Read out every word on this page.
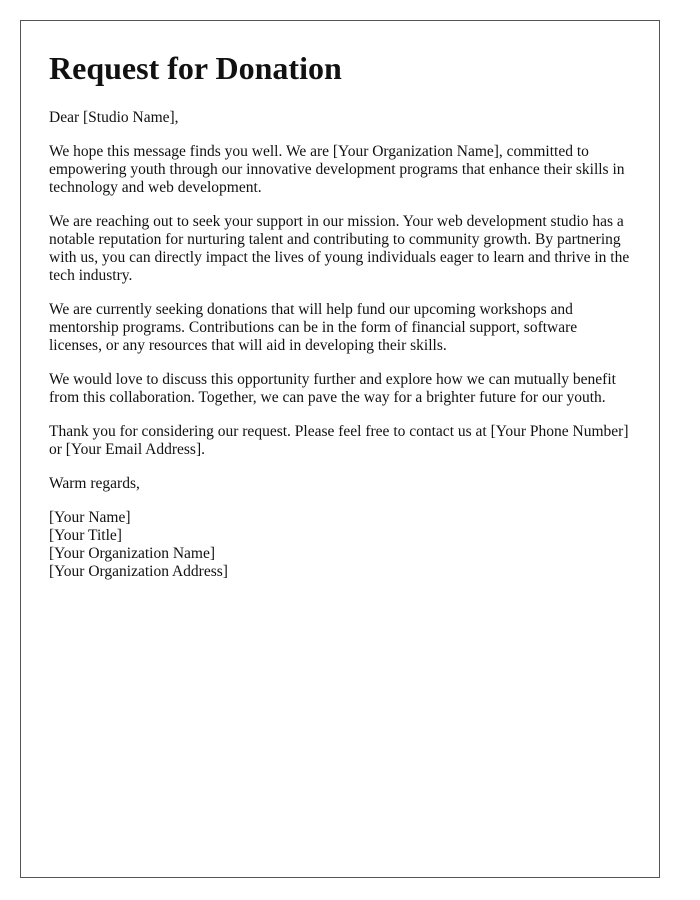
Request for Donation

Dear [Studio Name],

We hope this message finds you well. We are [Your Organization Name], committed to empowering youth through our innovative development programs that enhance their skills in technology and web development.

We are reaching out to seek your support in our mission. Your web development studio has a notable reputation for nurturing talent and contributing to community growth. By partnering with us, you can directly impact the lives of young individuals eager to learn and thrive in the tech industry.

We are currently seeking donations that will help fund our upcoming workshops and mentorship programs. Contributions can be in the form of financial support, software licenses, or any resources that will aid in developing their skills.

We would love to discuss this opportunity further and explore how we can mutually benefit from this collaboration. Together, we can pave the way for a brighter future for our youth.

Thank you for considering our request. Please feel free to contact us at [Your Phone Number] or [Your Email Address].

Warm regards,

[Your Name]
[Your Title]
[Your Organization Name]
[Your Organization Address]
